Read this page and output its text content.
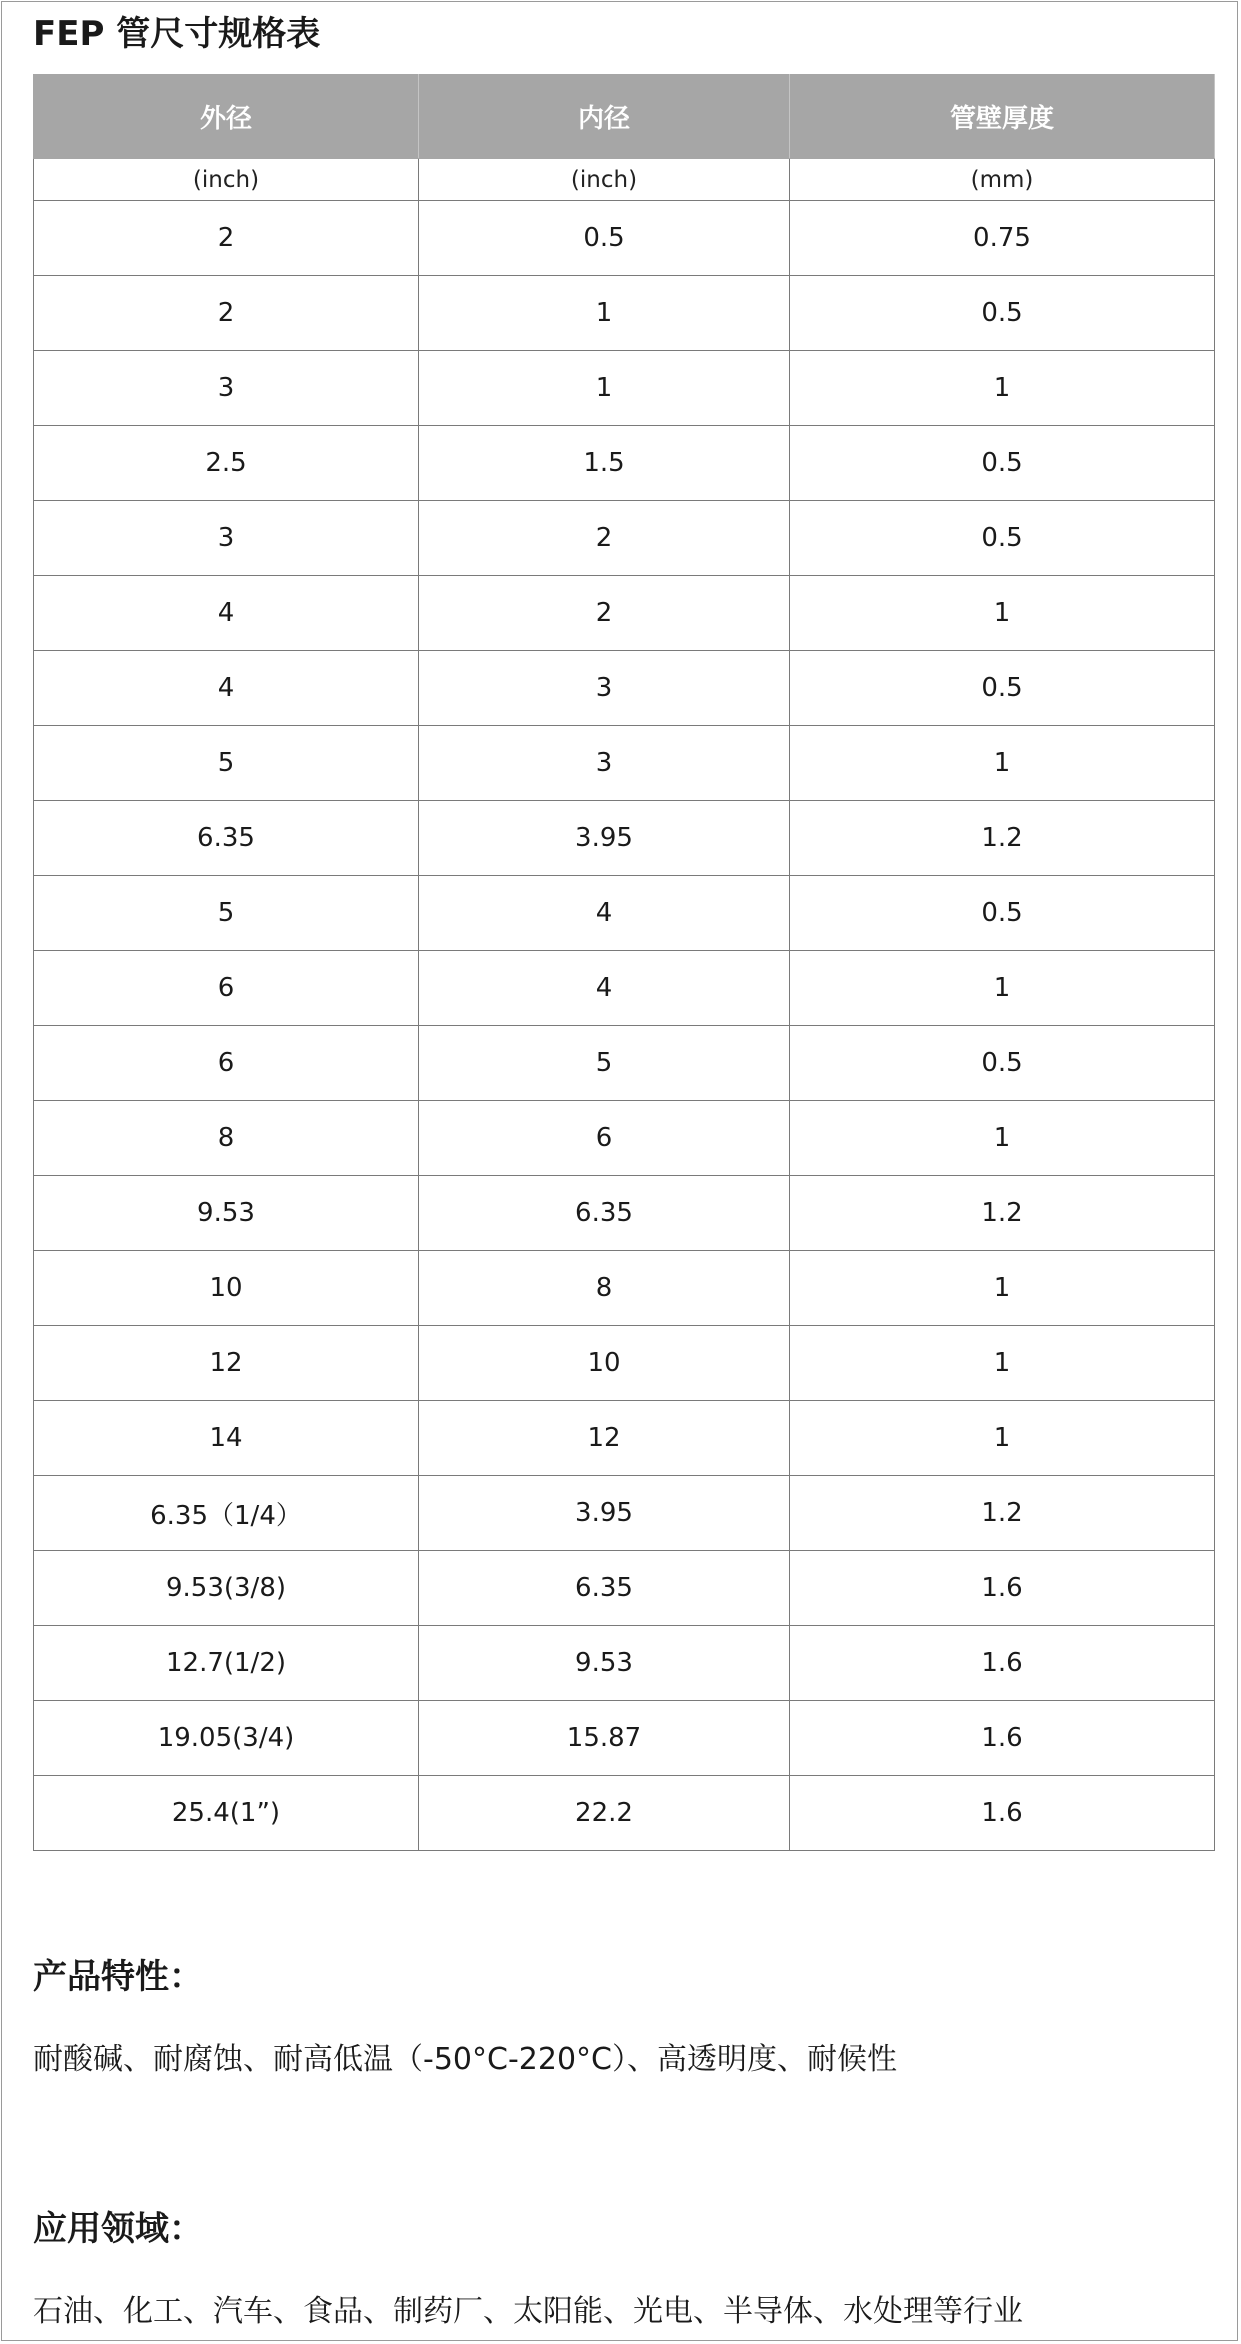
FEP 管尺寸规格表
外径	内径	管壁厚度
(inch)	(inch)	(mm)
2	0.5	0.75
2	1	0.5
3	1	1
2.5	1.5	0.5
3	2	0.5
4	2	1
4	3	0.5
5	3	1
6.35	3.95	1.2
5	4	0.5
6	4	1
6	5	0.5
8	6	1
9.53	6.35	1.2
10	8	1
12	10	1
14	12	1
6.35（1/4）	3.95	1.2
9.53(3/8)	6.35	1.6
12.7(1/2)	9.53	1.6
19.05(3/4)	15.87	1.6
25.4(1”)	22.2	1.6
产品特性：
耐酸碱、耐腐蚀、耐高低温（-50°C-220°C）、高透明度、耐候性
应用领域：
石油、化工、汽车、食品、制药厂、太阳能、光电、半导体、水处理等行业
